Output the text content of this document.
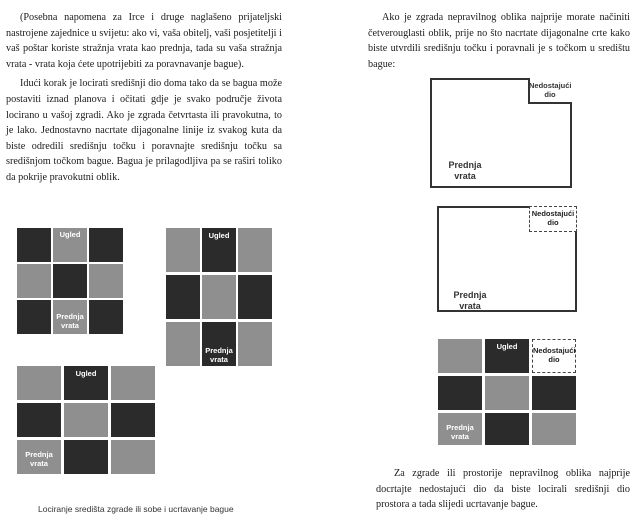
(Posebna napomena za Irce i druge naglašeno prijateljski nastrojene zajednice u svijetu: ako vi, vaša obitelj, vaši posjetitelji i vaš poštar koriste stražnja vrata kao prednja, tada su vaša stražnja vrata - vrata koja ćete upotrijebiti za poravnavanje bague).

Idući korak je locirati središnji dio doma tako da se bagua može postaviti iznad planova i očitati gdje je svako područje života locirano u vašoj zgradi. Ako je zgrada četvrtasta ili pravokutna, to je lako. Jednostavno nacrtate dijagonalne linije iz svakog kuta da biste odredili središnju točku i poravnajte središnju točku sa središnjom točkom bague. Bagua je prilagodljiva pa se raširi toliko da pokrije pravokutni oblik.

Ugled
Prednja
vrata
Ugled
Prednja
vrata
Ugled
Prednja
vrata
Lociranje središta zgrade ili sobe i ucrtavanje bague
Ako je zgrada nepravilnog oblika najprije morate načiniti četverouglasti oblik, prije no što nacrtate dijagonalne crte kako biste utvrdili središnju točku i poravnali je s točkom u središtu bague:
Prednja
vrata
Nedostajući
dio
Nedostajući
dio
Prednja
vrata
Nedostajući
dio
Ugled
Prednja
vrata
Za zgrade ili prostorije nepravilnog oblika najprije docrtajte nedostajući dio da biste locirali središnji dio prostora a tada slijedi ucrtavanje bague.
